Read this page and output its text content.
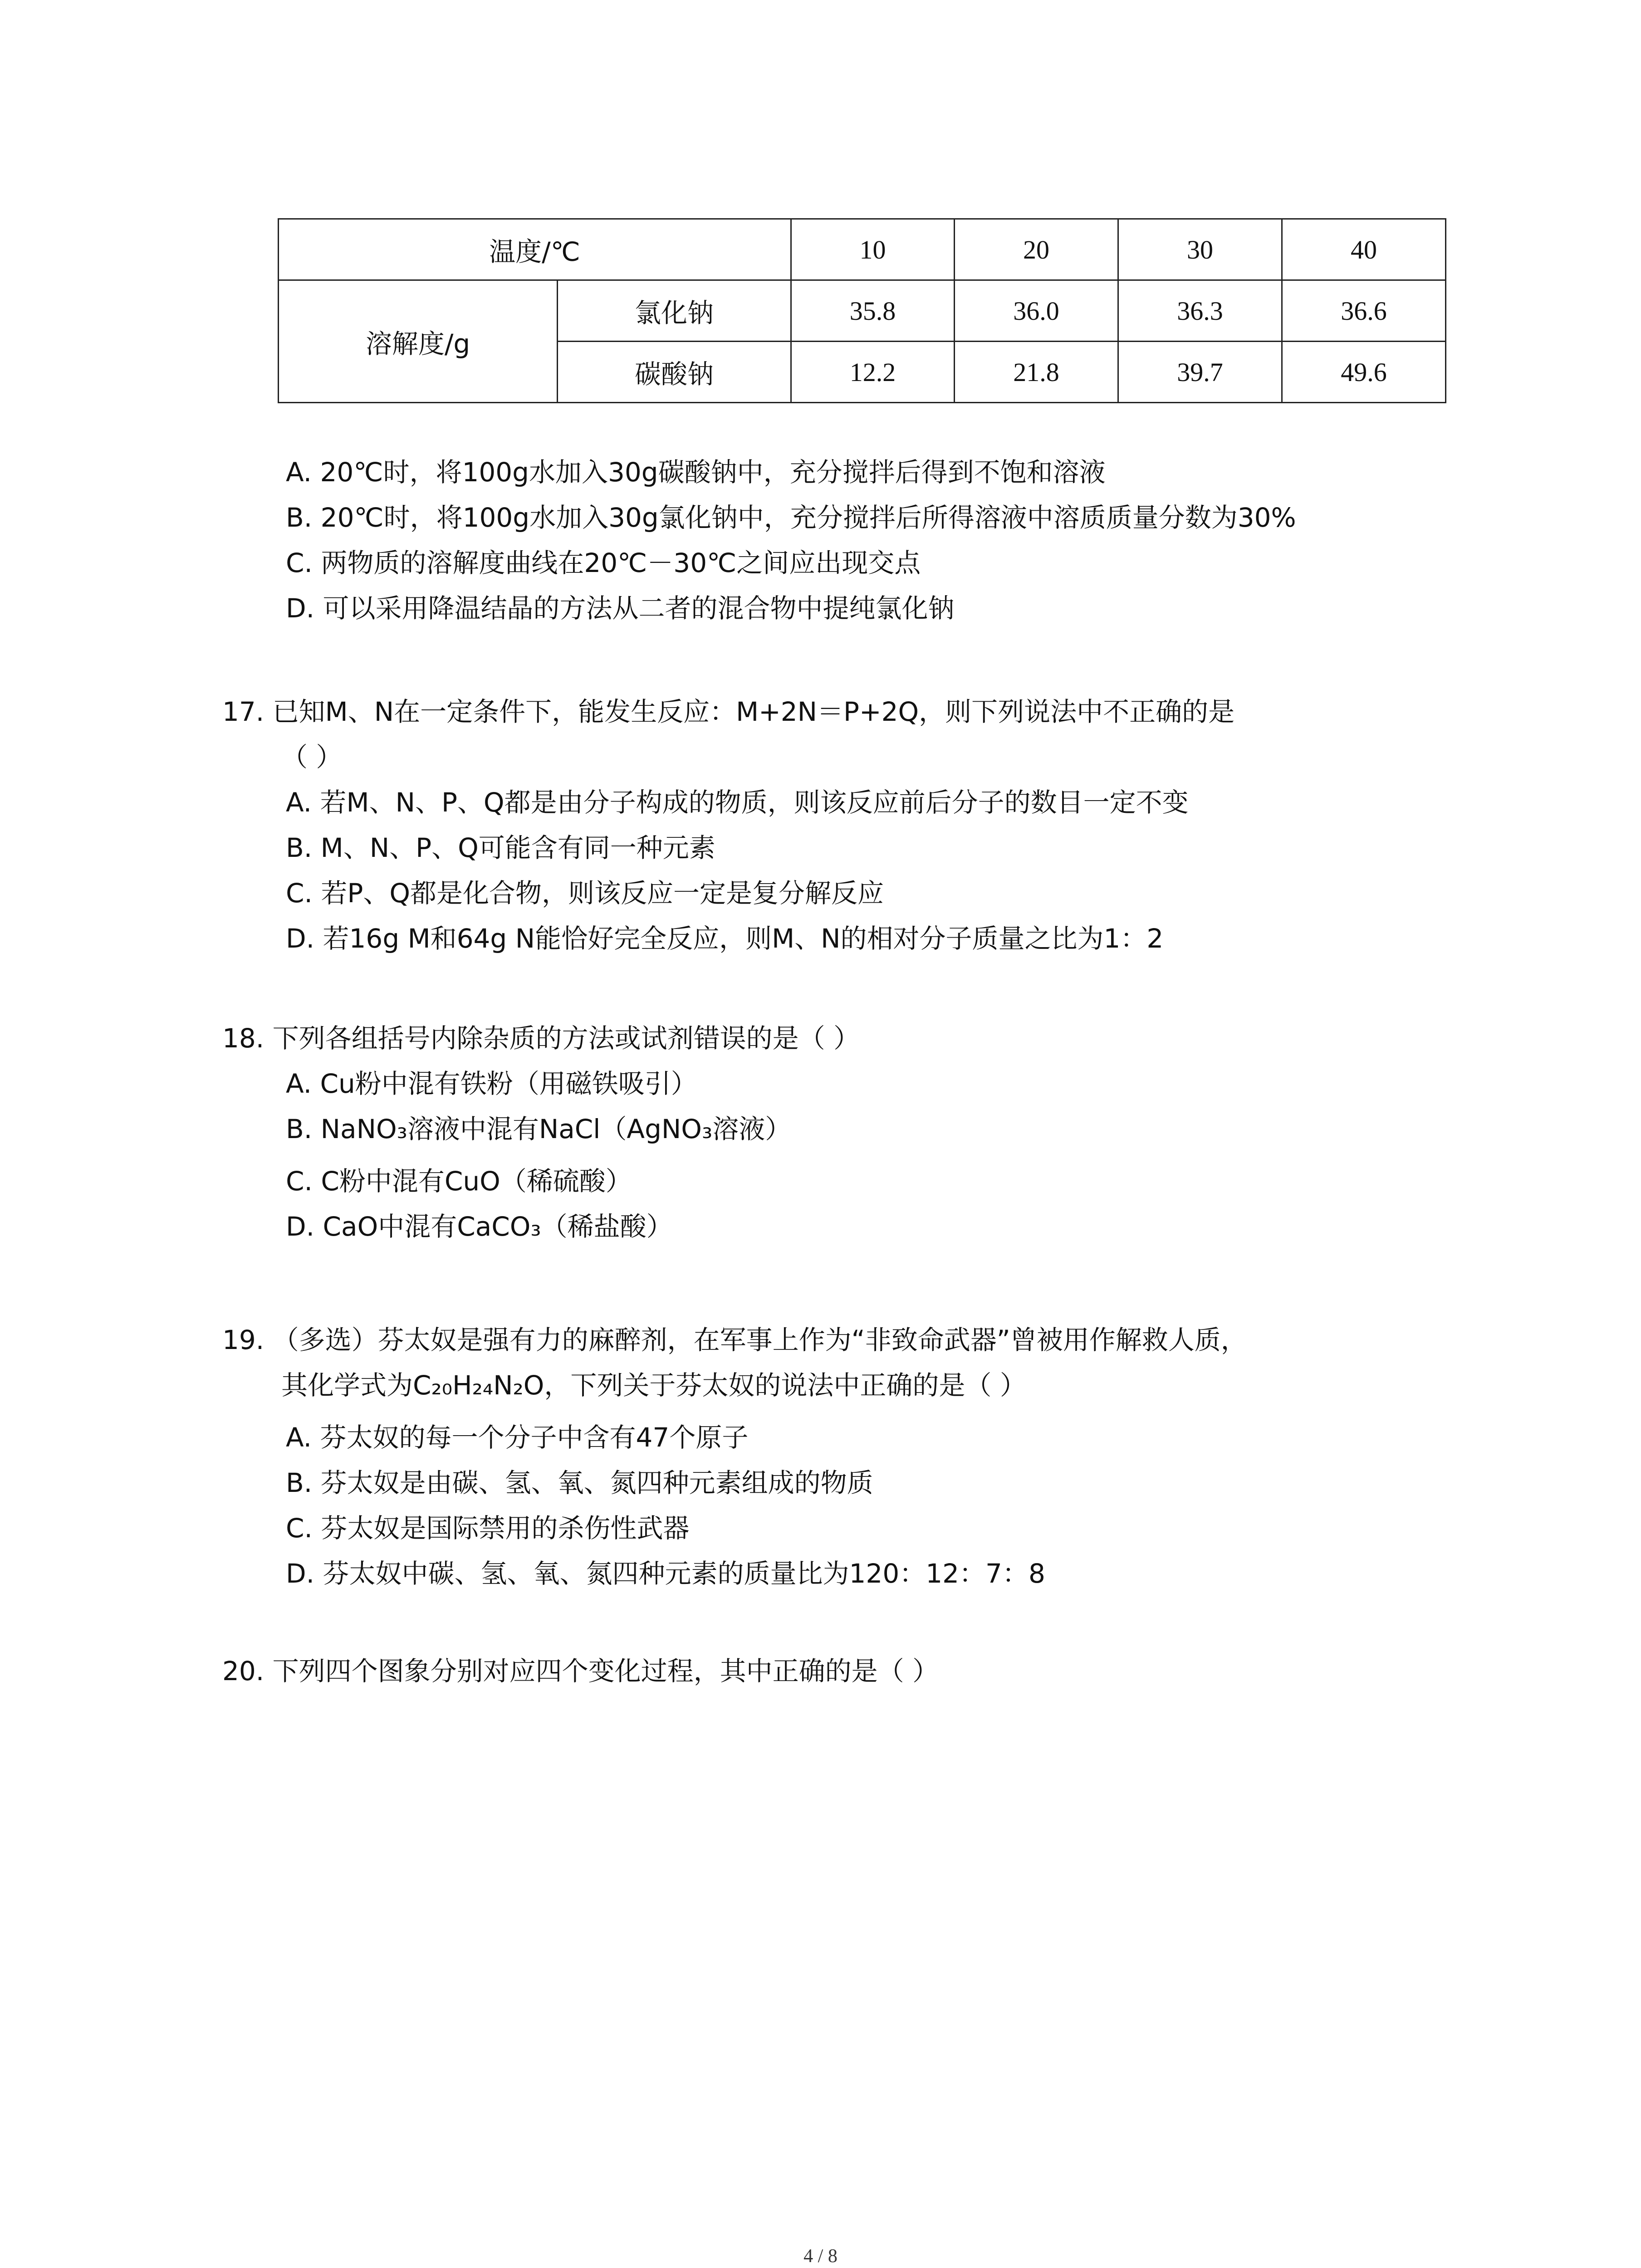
温度/℃		10	20	30	40
溶解度/g	氯化钠	35.8	36.0	36.3	36.6
	碳酸钠	12.2	21.8	39.7	49.6
A. 20℃时，将100g水加入30g碳酸钠中，充分搅拌后得到不饱和溶液
B. 20℃时，将100g水加入30g氯化钠中，充分搅拌后所得溶液中溶质质量分数为30%
C. 两物质的溶解度曲线在20℃－30℃之间应出现交点
D. 可以采用降温结晶的方法从二者的混合物中提纯氯化钠
17. 已知M、N在一定条件下，能发生反应：M+2N＝P+2Q，则下列说法中不正确的是
（ ）
A. 若M、N、P、Q都是由分子构成的物质，则该反应前后分子的数目一定不变
B. M、N、P、Q可能含有同一种元素
C. 若P、Q都是化合物，则该反应一定是复分解反应
D. 若16g M和64g N能恰好完全反应，则M、N的相对分子质量之比为1：2
18. 下列各组括号内除杂质的方法或试剂错误的是（ ）
A. Cu粉中混有铁粉（用磁铁吸引）
B. NaNO₃溶液中混有NaCl（AgNO₃溶液）
C. C粉中混有CuO（稀硫酸）
D. CaO中混有CaCO₃（稀盐酸）
19. （多选）芬太奴是强有力的麻醉剂，在军事上作为“非致命武器”曾被用作解救人质，
其化学式为C₂₀H₂₄N₂O，下列关于芬太奴的说法中正确的是（ ）
A. 芬太奴的每一个分子中含有47个原子
B. 芬太奴是由碳、氢、氧、氮四种元素组成的物质
C. 芬太奴是国际禁用的杀伤性武器
D. 芬太奴中碳、氢、氧、氮四种元素的质量比为120：12：7：8
20. 下列四个图象分别对应四个变化过程，其中正确的是（ ）
4 / 8
